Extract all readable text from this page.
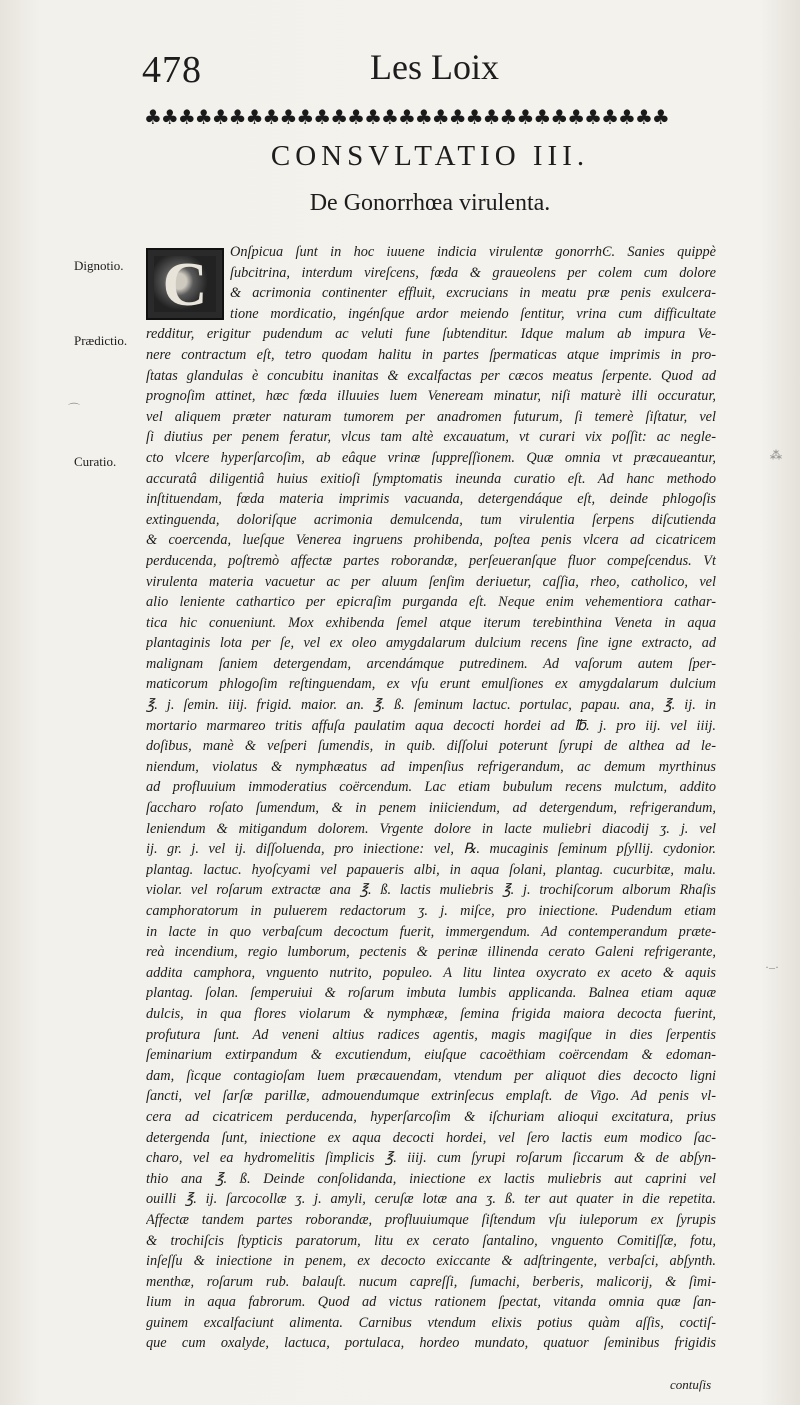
478	Les Loix
♣♣♣♣♣♣♣♣♣♣♣♣♣♣♣♣♣♣♣♣♣♣♣♣♣♣♣♣♣♣♣
CONSVLTATIO III.
De Gonorrhœa virulenta.
Dignotio.
Prædictio.
Curatio.
C	Onſpicua ſunt in hoc iuuene indicia virulentæ gonorrhϾ. Sanies quippè
ſubcitrina, interdum vireſcens, fœda & graueolens per colem cum dolore
& acrimonia continenter effluit, excrucians in meatu præ penis exulcera-
tione mordicatio, ingénſque ardor meiendo ſentitur, vrina cum difficultate
redditur, erigitur pudendum ac veluti fune ſubtenditur. Idque malum ab impura Ve-
nere contractum eſt, tetro quodam halitu in partes ſpermaticas atque imprimis in pro-
ſtatas glandulas è concubitu inanitas & excalfactas per cæcos meatus ſerpente. Quod ad
prognoſim attinet, hæc fœda illuuies luem Veneream minatur, niſi maturè illi occuratur,
vel aliquem præter naturam tumorem per anadromen futurum, ſi temerè ſiſtatur, vel
ſi diutius per penem feratur, vlcus tam altè excauatum, vt curari vix poſſit: ac negle-
cto vlcere hyperſarcoſim, ab eâque vrinæ ſuppreſſionem. Quæ omnia vt præcaueantur,
accuratâ diligentiâ huius exitioſi ſymptomatis ineunda curatio eſt. Ad hanc methodo
inſtituendam, fœda materia imprimis vacuanda, detergendáque eſt, deinde phlogoſis
extinguenda, doloriſque acrimonia demulcenda, tum virulentia ſerpens diſcutienda
& coercenda, lueſque Venerea ingruens prohibenda, poſtea penis vlcera ad cicatricem
perducenda, poſtremò affectæ partes roborandæ, perſeueranſque fluor compeſcendus. Vt
virulenta materia vacuetur ac per aluum ſenſim deriuetur, caſſia, rheo, catholico, vel
alio leniente cathartico per epicraſim purganda eſt. Neque enim vehementiora cathar-
tica hic conueniunt. Mox exhibenda ſemel atque iterum terebinthina Veneta in aqua
plantaginis lota per ſe, vel ex oleo amygdalarum dulcium recens ſine igne extracto, ad
malignam ſaniem detergendam, arcendámque putredinem. Ad vaſorum autem ſper-
maticorum phlogoſim reſtinguendam, ex vſu erunt emulſiones ex amygdalarum dulcium
℥. j. ſemin. iiij. frigid. maior. an. ℥. ß. ſeminum lactuc. portulac, papau. ana, ℥. ij. in
mortario marmareo tritis affuſa paulatim aqua decocti hordei ad ℔. j. pro iij. vel iiij.
doſibus, manè & veſperi ſumendis, in quib. diſſolui poterunt ſyrupi de althea ad le-
niendum, violatus & nymphæatus ad impenſius refrigerandum, ac demum myrthinus
ad profluuium immoderatius coërcendum. Lac etiam bubulum recens mulctum, addito
ſaccharo roſato ſumendum, & in penem iniiciendum, ad detergendum, refrigerandum,
leniendum & mitigandum dolorem. Vrgente dolore in lacte muliebri diacodij ʒ. j. vel
ij. gr. j. vel ij. diſſoluenda, pro iniectione: vel, ℞. mucaginis ſeminum pſyllij. cydonior.
plantag. lactuc. hyoſcyami vel papaueris albi, in aqua ſolani, plantag. cucurbitæ, malu.
violar. vel roſarum extractæ ana ℥. ß. lactis muliebris ℥. j. trochiſcorum alborum Rhaſis
camphoratorum in puluerem redactorum ʒ. j. miſce, pro iniectione. Pudendum etiam
in lacte in quo verbaſcum decoctum fuerit, immergendum. Ad contemperandum præte-
reà incendium, regio lumborum, pectenis & perinæ illinenda cerato Galeni refrigerante,
addita camphora, vnguento nutrito, populeo. A litu lintea oxycrato ex aceto & aquis
plantag. ſolan. ſemperuiui & roſarum imbuta lumbis applicanda. Balnea etiam aquæ
dulcis, in qua flores violarum & nymphææ, ſemina frigida maiora decocta fuerint,
profutura ſunt. Ad veneni altius radices agentis, magis magiſque in dies ſerpentis
ſeminarium extirpandum & excutiendum, eiuſque cacoëthiam coërcendam & edoman-
dam, ſicque contagioſam luem præcauendam, vtendum per aliquot dies decocto ligni
ſancti, vel ſarſæ parillæ, admouendumque extrinſecus emplaſt. de Vigo. Ad penis vl-
cera ad cicatricem perducenda, hyperſarcoſim & iſchuriam alioqui excitatura, prius
detergenda ſunt, iniectione ex aqua decocti hordei, vel ſero lactis eum modico ſac-
charo, vel ea hydromelitis ſimplicis ℥. iiij. cum ſyrupi roſarum ſiccarum & de abſyn-
thio ana ℥. ß. Deinde conſolidanda, iniectione ex lactis muliebris aut caprini vel
ouilli ℥. ij. ſarcocollæ ʒ. j. amyli, ceruſæ lotæ ana ʒ. ß. ter aut quater in die repetita.
Affectæ tandem partes roborandæ, profluuiumque ſiſtendum vſu iuleporum ex ſyrupis
& trochiſcis ſtypticis paratorum, litu ex cerato ſantalino, vnguento Comitiſſæ, fotu,
inſeſſu & iniectione in penem, ex decocto exiccante & adſtringente, verbaſci, abſynth.
menthæ, roſarum rub. balauſt. nucum capreſſi, ſumachi, berberis, malicorij, & ſimi-
lium in aqua fabrorum. Quod ad victus rationem ſpectat, vitanda omnia quæ ſan-
guinem excalfaciunt alimenta. Carnibus vtendum elixis potius quàm aſſis, coctiſ-
que cum oxalyde, lactuca, portulaca, hordeo mundato, quatuor ſeminibus frigidis
contuſis
⁂
·–·
⌒
